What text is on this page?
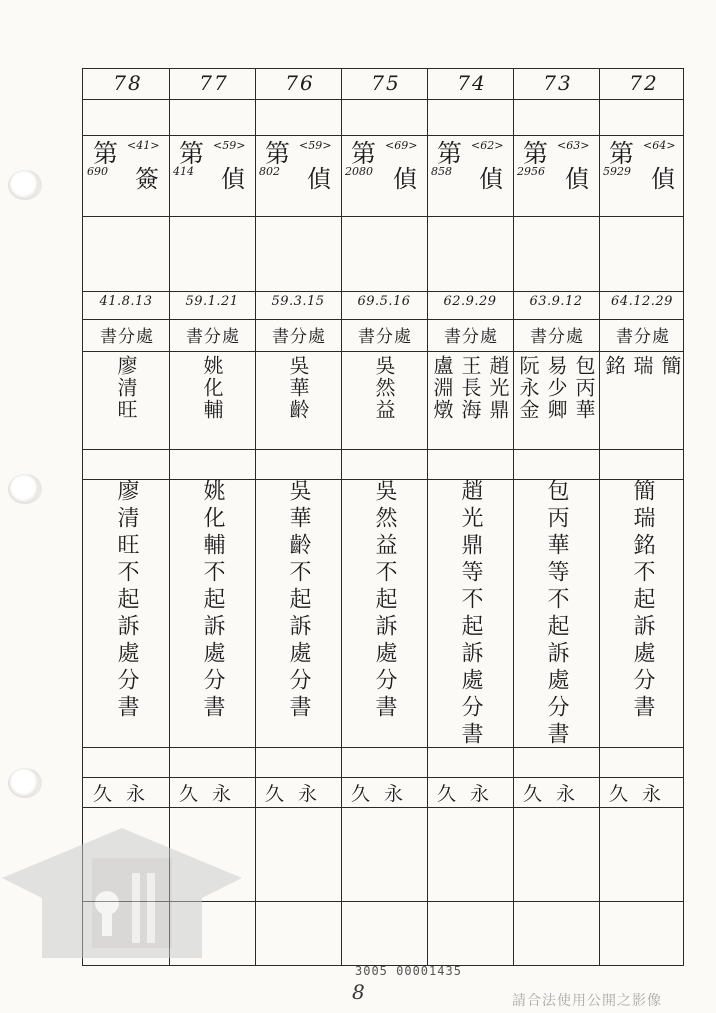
72
第 <64>
5929 偵
64.12.29
書分處
簡
瑞
銘
簡瑞銘不起訴處分書
久永
73
第 <63>
2956 偵
63.9.12
書分處
包丙華
易少卿
阮永金
包丙華等不起訴處分書
久永
74
第 <62>
858 偵
62.9.29
書分處
趙光鼎
王長海
盧淵燉
趙光鼎等不起訴處分書
久永
75
第 <69>
2080 偵
69.5.16
書分處
吳然益
吳然益不起訴處分書
久永
76
第 <59>
802 偵
59.3.15
書分處
吳華齡
吳華齡不起訴處分書
久永
77
第 <59>
414 偵
59.1.21
書分處
姚化輔
姚化輔不起訴處分書
久永
78
第 <41>
690 簽
41.8.13
書分處
廖清旺
廖清旺不起訴處分書
久永
3005 00001435
8	請合法使用公開之影像
